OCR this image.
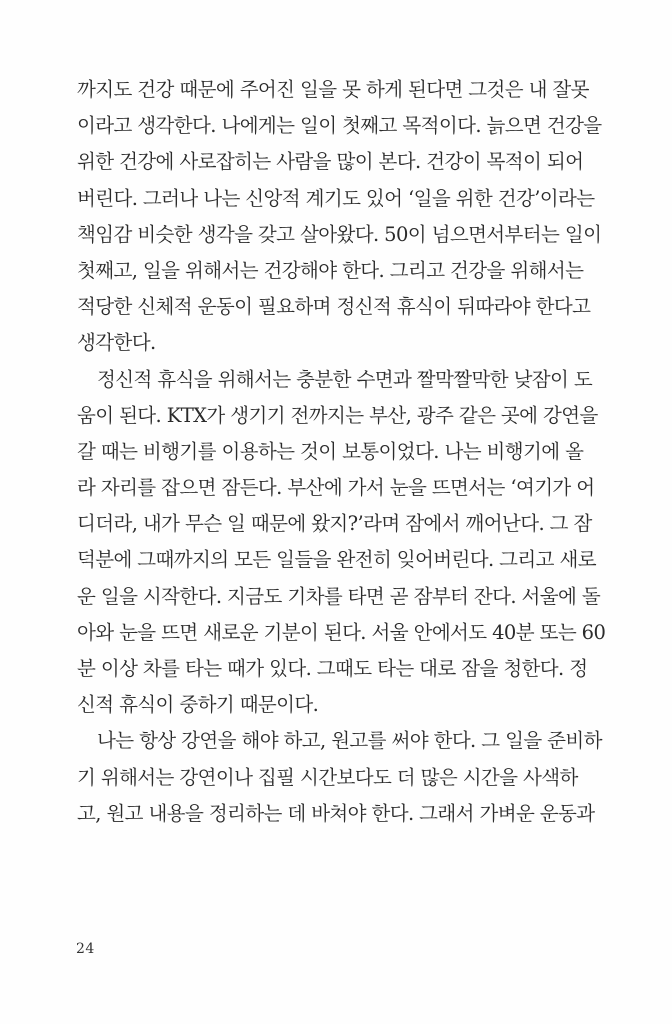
까지도 건강 때문에 주어진 일을 못 하게 된다면 그것은 내 잘못
이라고 생각한다. 나에게는 일이 첫째고 목적이다. 늙으면 건강을
위한 건강에 사로잡히는 사람을 많이 본다. 건강이 목적이 되어
버린다. 그러나 나는 신앙적 계기도 있어 ‘일을 위한 건강’이라는
책임감 비슷한 생각을 갖고 살아왔다. 50이 넘으면서부터는 일이
첫째고, 일을 위해서는 건강해야 한다. 그리고 건강을 위해서는
적당한 신체적 운동이 필요하며 정신적 휴식이 뒤따라야 한다고
생각한다.
정신적 휴식을 위해서는 충분한 수면과 짤막짤막한 낮잠이 도
움이 된다. KTX가 생기기 전까지는 부산, 광주 같은 곳에 강연을
갈 때는 비행기를 이용하는 것이 보통이었다. 나는 비행기에 올
라 자리를 잡으면 잠든다. 부산에 가서 눈을 뜨면서는 ‘여기가 어
디더라, 내가 무슨 일 때문에 왔지?’라며 잠에서 깨어난다. 그 잠
덕분에 그때까지의 모든 일들을 완전히 잊어버린다. 그리고 새로
운 일을 시작한다. 지금도 기차를 타면 곧 잠부터 잔다. 서울에 돌
아와 눈을 뜨면 새로운 기분이 된다. 서울 안에서도 40분 또는 60
분 이상 차를 타는 때가 있다. 그때도 타는 대로 잠을 청한다. 정
신적 휴식이 중하기 때문이다.
나는 항상 강연을 해야 하고, 원고를 써야 한다. 그 일을 준비하
기 위해서는 강연이나 집필 시간보다도 더 많은 시간을 사색하
고, 원고 내용을 정리하는 데 바쳐야 한다. 그래서 가벼운 운동과
24
